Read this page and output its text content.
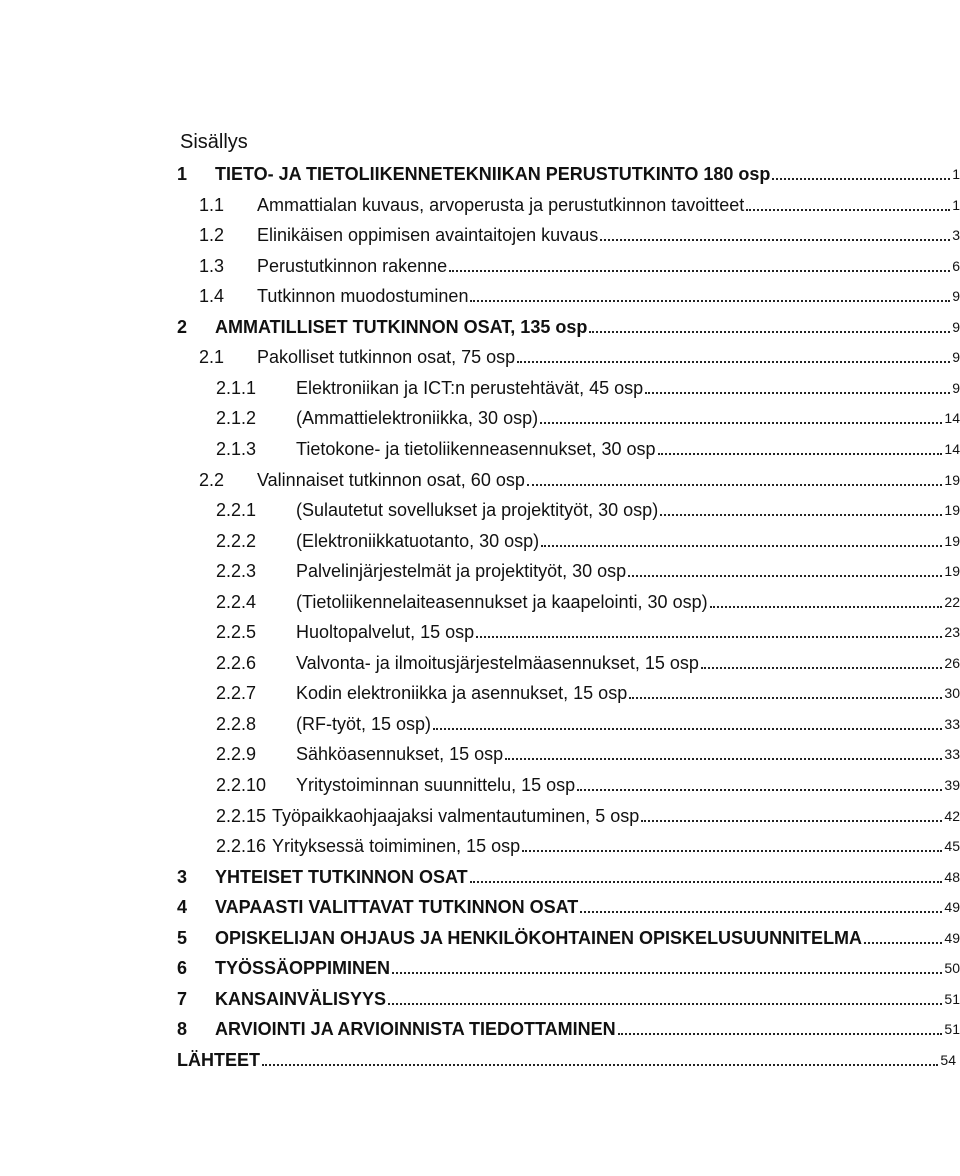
Sisällys
1	TIETO- JA TIETOLIIKENNETEKNIIKAN PERUSTUTKINTO 180 osp	1
1.1	Ammattialan kuvaus, arvoperusta ja perustutkinnon tavoitteet	1
1.2	Elinikäisen oppimisen avaintaitojen kuvaus	3
1.3	Perustutkinnon rakenne	6
1.4	Tutkinnon muodostuminen	9
2	AMMATILLISET TUTKINNON OSAT, 135 osp	9
2.1	Pakolliset tutkinnon osat, 75 osp	9
2.1.1	Elektroniikan ja ICT:n perustehtävät, 45 osp	9
2.1.2	(Ammattielektroniikka, 30 osp)	14
2.1.3	Tietokone- ja tietoliikenneasennukset, 30 osp	14
2.2	Valinnaiset tutkinnon osat, 60 osp	19
2.2.1	(Sulautetut sovellukset ja projektityöt, 30 osp)	19
2.2.2	(Elektroniikkatuotanto, 30 osp)	19
2.2.3	Palvelinjärjestelmät ja projektityöt, 30 osp	19
2.2.4	(Tietoliikennelaiteasennukset ja kaapelointi, 30 osp)	22
2.2.5	Huoltopalvelut, 15 osp	23
2.2.6	Valvonta- ja ilmoitusjärjestelmäasennukset, 15 osp	26
2.2.7	Kodin elektroniikka ja asennukset, 15 osp	30
2.2.8	(RF-työt, 15 osp)	33
2.2.9	Sähköasennukset, 15 osp	33
2.2.10	Yritystoiminnan suunnittelu, 15 osp	39
2.2.15 Työpaikkaohjaajaksi valmentautuminen, 5 osp	42
2.2.16 Yrityksessä toimiminen, 15 osp	45
3	YHTEISET TUTKINNON OSAT	48
4	VAPAASTI VALITTAVAT TUTKINNON OSAT	49
5	OPISKELIJAN OHJAUS JA HENKILÖKOHTAINEN OPISKELUSUUNNITELMA	49
6	TYÖSSÄOPPIMINEN	50
7	KANSAINVÄLISYYS	51
8	ARVIOINTI JA ARVIOINNISTA TIEDOTTAMINEN	51
LÄHTEET	54
